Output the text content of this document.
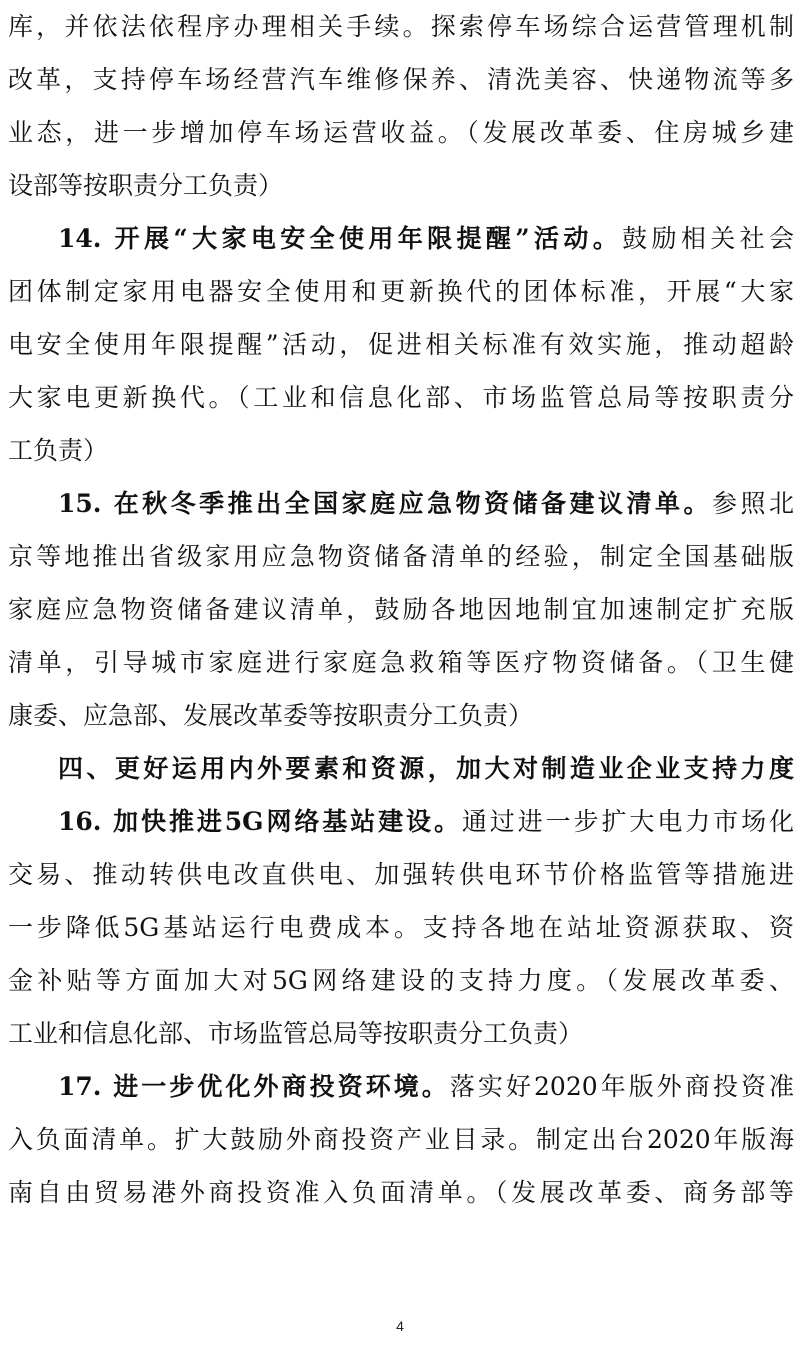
库，并依法依程序办理相关手续。探索停车场综合运营管理机制
改革，支持停车场经营汽车维修保养、清洗美容、快递物流等多
业态，进一步增加停车场运营收益。（发展改革委、住房城乡建
设部等按职责分工负责）
14. 开展“大家电安全使用年限提醒”活动。鼓励相关社会
团体制定家用电器安全使用和更新换代的团体标准，开展“大家
电安全使用年限提醒”活动，促进相关标准有效实施，推动超龄
大家电更新换代。（工业和信息化部、市场监管总局等按职责分
工负责）
15. 在秋冬季推出全国家庭应急物资储备建议清单。参照北
京等地推出省级家用应急物资储备清单的经验，制定全国基础版
家庭应急物资储备建议清单，鼓励各地因地制宜加速制定扩充版
清单，引导城市家庭进行家庭急救箱等医疗物资储备。（卫生健
康委、应急部、发展改革委等按职责分工负责）
四、更好运用内外要素和资源，加大对制造业企业支持力度
16. 加快推进5G网络基站建设。通过进一步扩大电力市场化
交易、推动转供电改直供电、加强转供电环节价格监管等措施进
一步降低5G基站运行电费成本。支持各地在站址资源获取、资
金补贴等方面加大对5G网络建设的支持力度。（发展改革委、
工业和信息化部、市场监管总局等按职责分工负责）
17. 进一步优化外商投资环境。落实好2020年版外商投资准
入负面清单。扩大鼓励外商投资产业目录。制定出台2020年版海
南自由贸易港外商投资准入负面清单。（发展改革委、商务部等
4
